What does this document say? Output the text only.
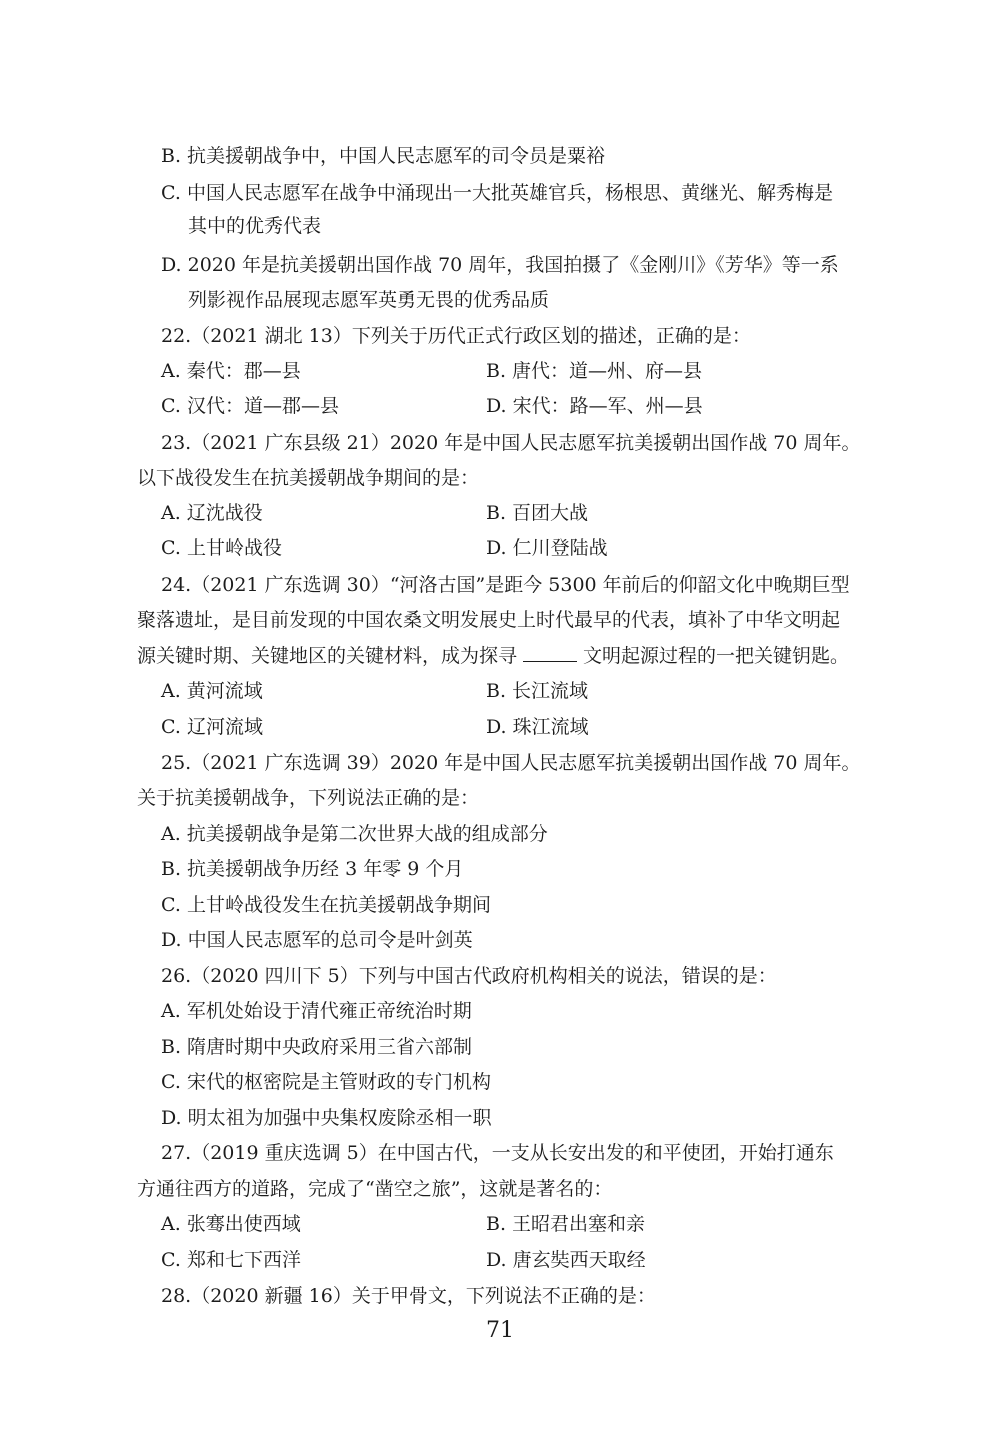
B. 抗美援朝战争中，中国人民志愿军的司令员是粟裕
C. 中国人民志愿军在战争中涌现出一大批英雄官兵，杨根思、黄继光、解秀梅是
其中的优秀代表
D. 2020 年是抗美援朝出国作战 70 周年，我国拍摄了《金刚川》《芳华》等一系
列影视作品展现志愿军英勇无畏的优秀品质
22.（2021 湖北 13）下列关于历代正式行政区划的描述，正确的是：
A. 秦代：郡—县	B. 唐代：道—州、府—县
C. 汉代：道—郡—县	D. 宋代：路—军、州—县
23.（2021 广东县级 21）2020 年是中国人民志愿军抗美援朝出国作战 70 周年。
以下战役发生在抗美援朝战争期间的是：
A. 辽沈战役	B. 百团大战
C. 上甘岭战役	D. 仁川登陆战
24.（2021 广东选调 30）“河洛古国”是距今 5300 年前后的仰韶文化中晚期巨型
聚落遗址，是目前发现的中国农桑文明发展史上时代最早的代表，填补了中华文明起
源关键时期、关键地区的关键材料，成为探寻	文明起源过程的一把关键钥匙。
A. 黄河流域	B. 长江流域
C. 辽河流域	D. 珠江流域
25.（2021 广东选调 39）2020 年是中国人民志愿军抗美援朝出国作战 70 周年。
关于抗美援朝战争，下列说法正确的是：
A. 抗美援朝战争是第二次世界大战的组成部分
B. 抗美援朝战争历经 3 年零 9 个月
C. 上甘岭战役发生在抗美援朝战争期间
D. 中国人民志愿军的总司令是叶剑英
26.（2020 四川下 5）下列与中国古代政府机构相关的说法，错误的是：
A. 军机处始设于清代雍正帝统治时期
B. 隋唐时期中央政府采用三省六部制
C. 宋代的枢密院是主管财政的专门机构
D. 明太祖为加强中央集权废除丞相一职
27.（2019 重庆选调 5）在中国古代，一支从长安出发的和平使团，开始打通东
方通往西方的道路，完成了“凿空之旅”，这就是著名的：
A. 张骞出使西域	B. 王昭君出塞和亲
C. 郑和七下西洋	D. 唐玄奘西天取经
28.（2020 新疆 16）关于甲骨文，下列说法不正确的是：
71
